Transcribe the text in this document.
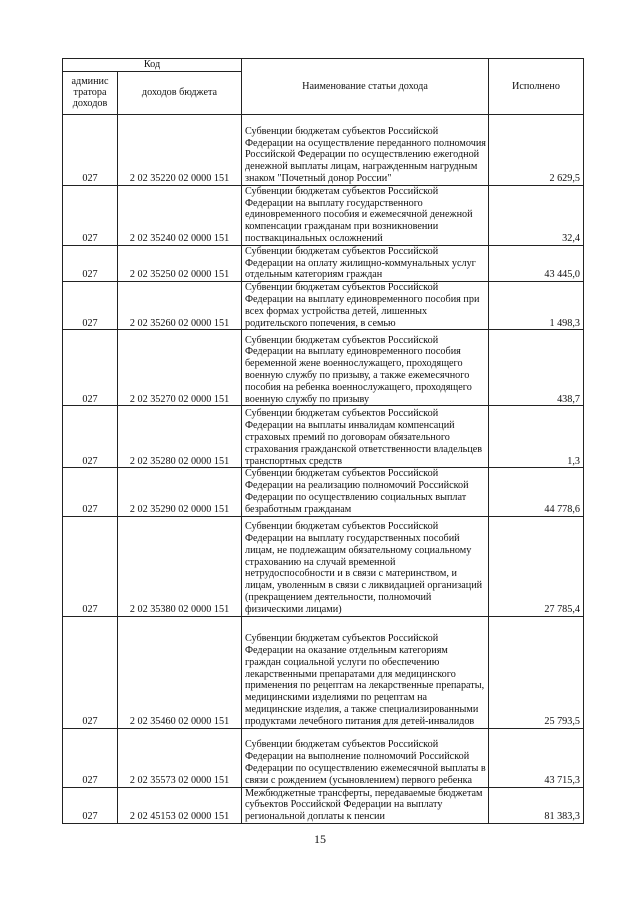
Код		Наименование статьи дохода	Исполнено
админис
тратора
доходов	доходов бюджета		
027	2 02 35220 02 0000 151	Субвенции бюджетам субъектов Российской Федерации на осуществление переданного полномочия Российской Федерации по осуществлению ежегодной денежной выплаты лицам, награжденным нагрудным знаком "Почетный донор России"	2 629,5
027	2 02 35240 02 0000 151	Субвенции бюджетам субъектов Российской Федерации на выплату государственного единовременного пособия и ежемесячной денежной компенсации гражданам при возникновении поствакцинальных осложнений	32,4
027	2 02 35250 02 0000 151	Субвенции бюджетам субъектов Российской Федерации на оплату жилищно-коммунальных услуг отдельным категориям граждан	43 445,0
027	2 02 35260 02 0000 151	Субвенции бюджетам субъектов Российской Федерации на выплату единовременного пособия при всех формах устройства детей, лишенных родительского попечения, в семью	1 498,3
027	2 02 35270 02 0000 151	Субвенции бюджетам субъектов Российской Федерации на выплату единовременного пособия беременной жене военнослужащего, проходящего военную службу по призыву, а также ежемесячного пособия на ребенка военнослужащего, проходящего военную службу по призыву	438,7
027	2 02 35280 02 0000 151	Субвенции бюджетам субъектов Российской Федерации на выплаты инвалидам компенсаций страховых премий по договорам обязательного страхования гражданской ответственности владельцев транспортных средств	1,3
027	2 02 35290 02 0000 151	Субвенции бюджетам субъектов Российской Федерации на реализацию полномочий Российской Федерации по осуществлению социальных выплат безработным гражданам	44 778,6
027	2 02 35380 02 0000 151	Субвенции бюджетам субъектов Российской Федерации на выплату государственных пособий лицам, не подлежащим обязательному социальному страхованию на случай временной нетрудоспособности и в связи с материнством, и лицам, уволенным в связи с ликвидацией организаций (прекращением деятельности, полномочий физическими лицами)	27 785,4
027	2 02 35460 02 0000 151	Субвенции бюджетам субъектов Российской Федерации на оказание отдельным категориям граждан социальной услуги по обеспечению лекарственными препаратами для медицинского применения по рецептам на лекарственные препараты, медицинскими изделиями по рецептам на медицинские изделия, а также специализированными продуктами лечебного питания для детей-инвалидов	25 793,5
027	2 02 35573 02 0000 151	Субвенции бюджетам субъектов Российской Федерации на выполнение полномочий Российской Федерации по осуществлению ежемесячной выплаты в связи с рождением (усыновлением) первого ребенка	43 715,3
027	2 02 45153 02 0000 151	Межбюджетные трансферты, передаваемые бюджетам субъектов Российской Федерации на выплату региональной доплаты к пенсии	81 383,3
15
